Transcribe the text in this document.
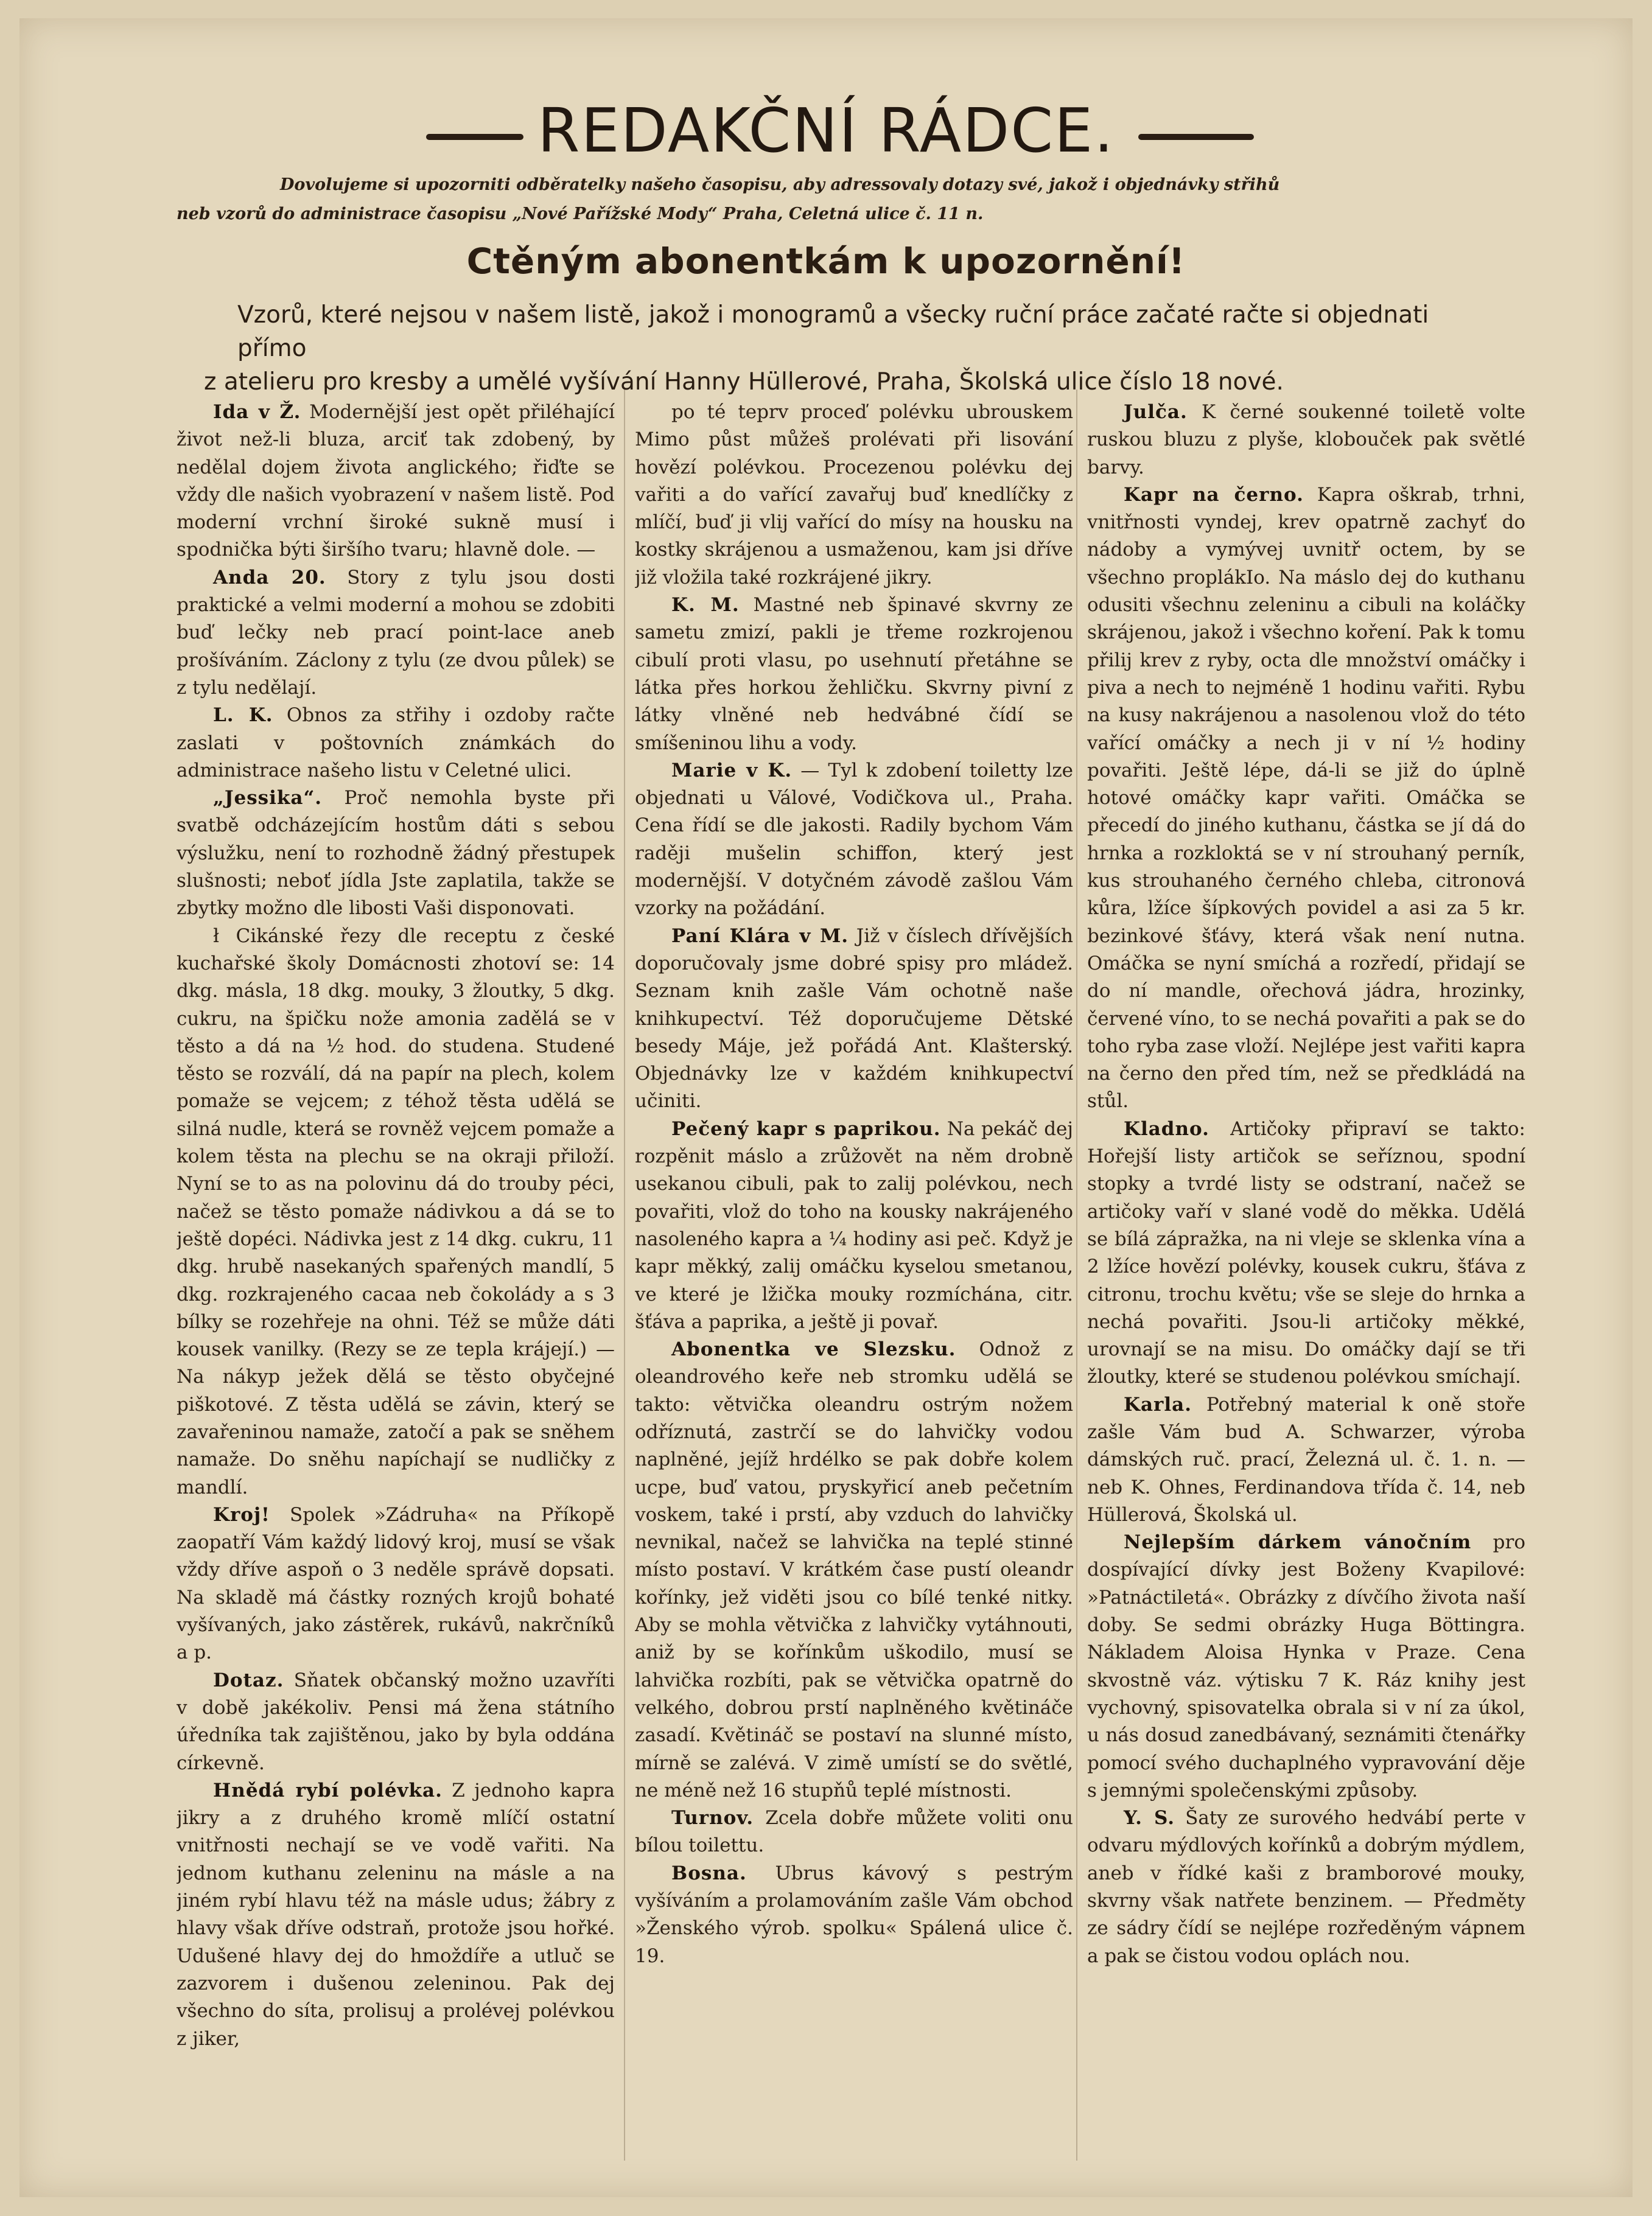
REDAKČNÍ RÁDCE.

Dovolujeme si upozorniti odběratelky našeho časopisu, aby adressovaly dotazy své, jakož i objednávky střihů

neb vzorů do administrace časopisu „Nové Pařížské Mody“ Praha, Celetná ulice č. 11 n.

Ctěným abonentkám k upozornění!

Vzorů, které nejsou v našem listě, jakož i monogramů a všecky ruční práce začaté račte si objednati přímo

z atelieru pro kresby a umělé vyšívání Hanny Hüllerové, Praha, Školská ulice číslo 18 nové.

Ida v Ž. Modernější jest opět přiléhající život než-li bluza, arciť tak zdobený, by nedělal dojem života anglického; řiďte se vždy dle našich vyobrazení v našem listě. Pod moderní vrchní široké sukně musí i spodnička býti širšího tvaru; hlavně dole. —

Anda 20. Story z tylu jsou dosti praktické a velmi moderní a mohou se zdobiti buď lečky neb prací point-lace aneb prošíváním. Záclony z tylu (ze dvou půlek) se z tylu nedělají.

L. K. Obnos za střihy i ozdoby račte zaslati v poštovních známkách do administrace našeho listu v Celetné ulici.

„Jessika“. Proč nemohla byste při svatbě odcházejícím hostům dáti s sebou výslužku, není to rozhodně žádný přestupek slušnosti; neboť jídla Jste zaplatila, takže se zbytky možno dle libosti Vaši disponovati.

ł Cikánské řezy dle receptu z české kuchařské školy Domácnosti zhotoví se: 14 dkg. másla, 18 dkg. mouky, 3 žloutky, 5 dkg. cukru, na špičku nože amonia zadělá se v těsto a dá na ½ hod. do studena. Studené těsto se rozválí, dá na papír na plech, kolem pomaže se vejcem; z téhož těsta udělá se silná nudle, která se rovněž vejcem pomaže a kolem těsta na plechu se na okraji přiloží. Nyní se to as na polovinu dá do trouby péci, načež se těsto pomaže nádivkou a dá se to ještě dopéci. Nádivka jest z 14 dkg. cukru, 11 dkg. hrubě nasekaných spařených mandlí, 5 dkg. rozkrajeného cacaa neb čokolády a s 3 bílky se rozehřeje na ohni. Též se může dáti kousek vanilky. (Rezy se ze tepla krájejí.) — Na nákyp ježek dělá se těsto obyčejné piškotové. Z těsta udělá se závin, který se zavařeninou namaže, zatočí a pak se sněhem namaže. Do sněhu napíchají se nudličky z mandlí.

Kroj! Spolek »Zádruha« na Příkopě zaopatří Vám každý lidový kroj, musí se však vždy dříve aspoň o 3 neděle správě dopsati. Na skladě má částky rozných krojů bohaté vyšívaných, jako zástěrek, rukávů, nakrčníků a p.

Dotaz. Sňatek občanský možno uzavříti v době jakékoliv. Pensi má žena státního úředníka tak zajištěnou, jako by byla oddána církevně.

Hnědá rybí polévka. Z jednoho kapra jikry a z druhého kromě mlíčí ostatní vnitřnosti nechají se ve vodě vařiti. Na jednom kuthanu zeleninu na másle a na jiném rybí hlavu též na másle udus; žábry z hlavy však dříve odstraň, protože jsou hořké. Udušené hlavy dej do hmoždíře a utluč se zazvorem i dušenou zeleninou. Pak dej všechno do síta, prolisuj a prolévej polévkou z jiker,

po té teprv proceď polévku ubrouskem Mimo půst můžeš prolévati při lisování hovězí polévkou. Procezenou polévku dej vařiti a do vařící zavařuj buď knedlíčky z mlíčí, buď ji vlij vařící do mísy na housku na kostky skrájenou a usmaženou, kam jsi dříve již vložila také rozkrájené jikry.

K. M. Mastné neb špinavé skvrny ze sametu zmizí, pakli je třeme rozkrojenou cibulí proti vlasu, po usehnutí přetáhne se látka přes horkou žehličku. Skvrny pivní z látky vlněné neb hedvábné čídí se smíšeninou lihu a vody.

Marie v K. — Tyl k zdobení toiletty lze objednati u Válové, Vodičkova ul., Praha. Cena řídí se dle jakosti. Radily bychom Vám raději mušelin schiffon, který jest modernější. V dotyčném závodě zašlou Vám vzorky na požádání.

Paní Klára v M. Již v číslech dřívějších doporučovaly jsme dobré spisy pro mládež. Seznam knih zašle Vám ochotně naše knihkupectví. Též doporučujeme Dětské besedy Máje, jež pořádá Ant. Klašterský. Objednávky lze v každém knihkupectví učiniti.

Pečený kapr s paprikou. Na pekáč dej rozpěnit máslo a zrůžovět na něm drobně usekanou cibuli, pak to zalij polévkou, nech povařiti, vlož do toho na kousky nakrájeného nasoleného kapra a ¼ hodiny asi peč. Když je kapr měkký, zalij omáčku kyselou smetanou, ve které je lžička mouky rozmíchána, citr. šťáva a paprika, a ještě ji povař.

Abonentka ve Slezsku. Odnož z oleandrového keře neb stromku udělá se takto: větvička oleandru ostrým nožem odříznutá, zastrčí se do lahvičky vodou naplněné, jejíž hrdélko se pak dobře kolem ucpe, buď vatou, pryskyřicí aneb pečetním voskem, také i prstí, aby vzduch do lahvičky nevnikal, načež se lahvička na teplé stinné místo postaví. V krátkém čase pustí oleandr kořínky, jež viděti jsou co bílé tenké nitky. Aby se mohla větvička z lahvičky vytáhnouti, aniž by se kořínkům uškodilo, musí se lahvička rozbíti, pak se větvička opatrně do velkého, dobrou prstí naplněného květináče zasadí. Květináč se postaví na slunné místo, mírně se zalévá. V zimě umístí se do světlé, ne méně než 16 stupňů teplé místnosti.

Turnov. Zcela dobře můžete voliti onu bílou toilettu.

Bosna. Ubrus kávový s pestrým vyšíváním a prolamováním zašle Vám obchod »Ženského výrob. spolku« Spálená ulice č. 19.

Julča. K černé soukenné toiletě volte ruskou bluzu z plyše, klobouček pak světlé barvy.

Kapr na černo. Kapra oškrab, trhni, vnitřnosti vyndej, krev opatrně zachyť do nádoby a vymývej uvnitř octem, by se všechno proplákIo. Na máslo dej do kuthanu odusiti všechnu zeleninu a cibuli na koláčky skrájenou, jakož i všechno koření. Pak k tomu přilij krev z ryby, octa dle množství omáčky i piva a nech to nejméně 1 hodinu vařiti. Rybu na kusy nakrájenou a nasolenou vlož do této vařící omáčky a nech ji v ní ½ hodiny povařiti. Ještě lépe, dá-li se již do úplně hotové omáčky kapr vařiti. Omáčka se přecedí do jiného kuthanu, částka se jí dá do hrnka a rozkloktá se v ní strouhaný perník, kus strouhaného černého chleba, citronová kůra, lžíce šípkových povidel a asi za 5 kr. bezinkové šťávy, která však není nutna. Omáčka se nyní smíchá a rozředí, přidají se do ní mandle, ořechová jádra, hrozinky, červené víno, to se nechá povařiti a pak se do toho ryba zase vloží. Nejlépe jest vařiti kapra na černo den před tím, než se předkládá na stůl.

Kladno. Artičoky připraví se takto: Hořejší listy artičok se seříznou, spodní stopky a tvrdé listy se odstraní, načež se artičoky vaří v slané vodě do měkka. Udělá se bílá zápražka, na ni vleje se sklenka vína a 2 lžíce hovězí polévky, kousek cukru, šťáva z citronu, trochu květu; vše se sleje do hrnka a nechá povařiti. Jsou-li artičoky měkké, urovnají se na misu. Do omáčky dají se tři žloutky, které se studenou polévkou smíchají.

Karla. Potřebný material k oně stoře zašle Vám bud A. Schwarzer, výroba dámských ruč. prací, Železná ul. č. 1. n. — neb K. Ohnes, Ferdinandova třída č. 14, neb Hüllerová, Školská ul.

Nejlepším dárkem vánočním pro dospívající dívky jest Boženy Kvapilové: »Patnáctiletá«. Obrázky z dívčího života naší doby. Se sedmi obrázky Huga Böttingra. Nákladem Aloisa Hynka v Praze. Cena skvostně váz. výtisku 7 K. Ráz knihy jest vychovný, spisovatelka obrala si v ní za úkol, u nás dosud zanedbávaný, seznámiti čtenářky pomocí svého duchaplného vypravování děje s jemnými společenskými způsoby.

Y. S. Šaty ze surového hedvábí perte v odvaru mýdlových kořínků a dobrým mýdlem, aneb v řídké kaši z bramborové mouky, skvrny však natřete benzinem. — Předměty ze sádry čídí se nejlépe rozředěným vápnem a pak se čistou vodou oplách nou.
